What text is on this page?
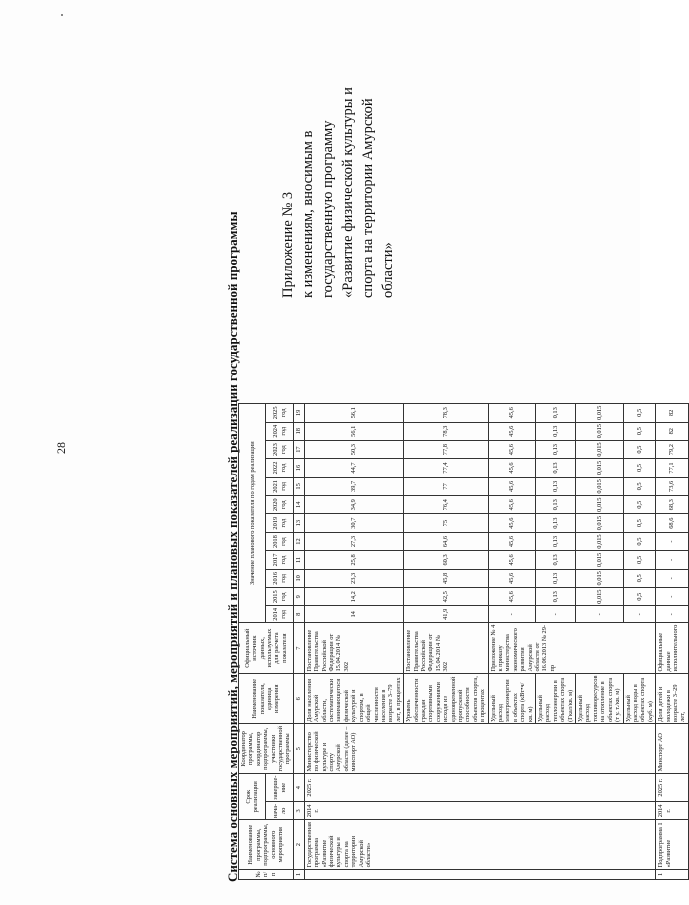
28
Приложение № 3 к изменениям, вносимым в государственную программу «Развитие физической культуры и спорта на территории Амурской области»
Система основных мероприятий, мероприятий и плановых показателей реализации государственной программы № п/п	Наименование программы, подпрограммы, основного мероприятия	Срок реализации		Координатор программы, координатор подпрограммы, участники государственной программы	Наименование показателя, единица измерения	Официальный источник данных, используемых для расчета показателя	Значение планового показателя по годам реализации											
		нача-ло	заверше-ние				2014 год	2015 год	2016 год	2017 год	2018 год	2019 год	2020 год	2021 год	2022 год	2023 год	2024 год	2025 год
1	2	3	4	5	6	7	8	9	10	11	12	13	14	15	16	17	18	19
	Государственная программа «Развитие физической культуры и спорта на территории Амурской области»	2014 г.	2025 г.	Министерство по физической культуре и спорту Амурской области (далее – минспорт АО)	Доля населения Амурской области, систематически занимающегося физической культурой и спортом, в общей численности населения в возрасте 3–79 лет, в процентах	Постановление Правительства Российской Федерации от 15.04.2014 № 302	14	14,2	23,3	25,8	27,3	30,7	34,9	39,7	44,7	50,3	56,1	56,1
					Уровень обеспеченности граждан спортивными сооружениями исходя из единовременной пропускной способности объектов спорта, в процентах	Постановление Правительства Российской Федерации от 15.04.2014 № 302	41,9	42,5	45,8	60,3	64,6	75	76,4	77	77,4	77,8	78,3	78,3
					Удельный расход электроэнергии в объектах спорта (кВт•ч/кв. м)	Приложение № 4 к приказу министерства экономического развития Амурской области от 16.06.2013 № 29-пр	-	45,6	45,6	45,6	45,6	45,6	45,6	45,6	45,6	45,6	45,6	45,6
					Удельный расход теплоэнергии в объектах спорта (Гкал/кв. м)		-	0,13	0,13	0,13	0,13	0,13	0,13	0,13	0,13	0,13	0,13	0,13
					Удельный расход топливоресурсов на отопление в объектах спорта (т у. т./кв. м)		-	0,015	0,015	0,015	0,015	0,015	0,015	0,015	0,015	0,015	0,015	0,015
					Удельный расход воды в объектах спорта (куб. м)		-	0,5	0,5	0,5	0,5	0,5	0,5	0,5	0,5	0,5	0,5	0,5
1	Подпрограмма 1 «Развитие	2014 г.	2025 г.	Минспорт АО	Доля детей и молодежи в возрасте 3–29 лет,	Официальные данные исполнительного	-	-	-	-	-	68,6	68,3	73,6	77,1	79,2	82	82
